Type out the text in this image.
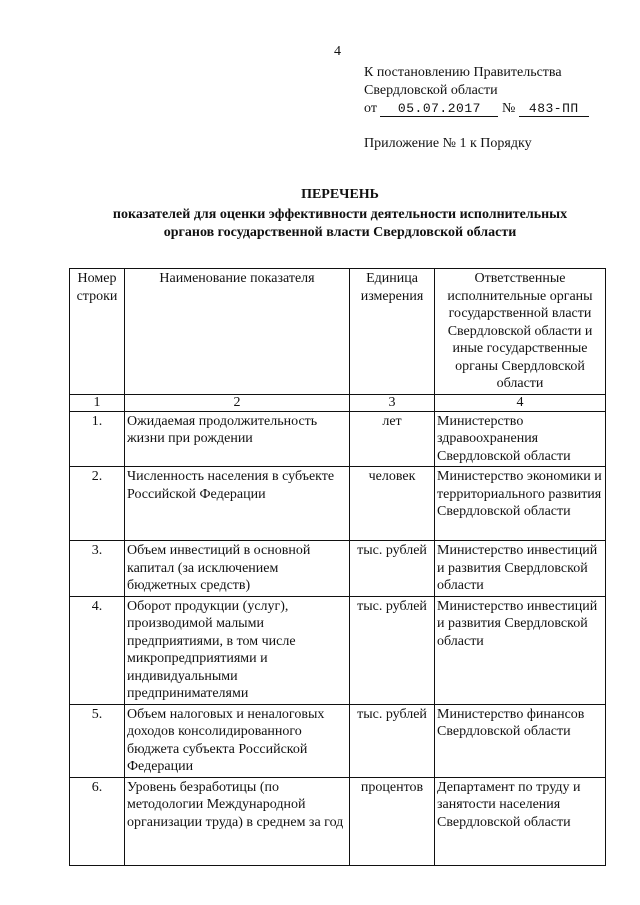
4
К постановлению Правительства
Свердловской области
от 05.07.2017 № 483-ПП
Приложение № 1 к Порядку
ПЕРЕЧЕНЬ
показателей для оценки эффективности деятельности исполнительных
органов государственной власти Свердловской области
Номер строки	Наименование показателя	Единица измерения	Ответственные исполнительные органы государственной власти Свердловской области и иные государственные органы Свердловской области
1	2	3	4
1.	Ожидаемая продолжительность жизни при рождении	лет	Министерство здравоохранения Свердловской области
2.	Численность населения в субъекте Российской Федерации	человек	Министерство экономики и территориального развития Свердловской области
3.	Объем инвестиций в основной капитал (за исключением бюджетных средств)	тыс. рублей	Министерство инвестиций и развития Свердловской области
4.	Оборот продукции (услуг), производимой малыми предприятиями, в том числе микропредприятиями и индивидуальными предпринимателями	тыс. рублей	Министерство инвестиций и развития Свердловской области
5.	Объем налоговых и неналоговых доходов консолидированного бюджета субъекта Российской Федерации	тыс. рублей	Министерство финансов Свердловской области
6.	Уровень безработицы (по методологии Международной организации труда) в среднем за год	процентов	Департамент по труду и занятости населения Свердловской области
